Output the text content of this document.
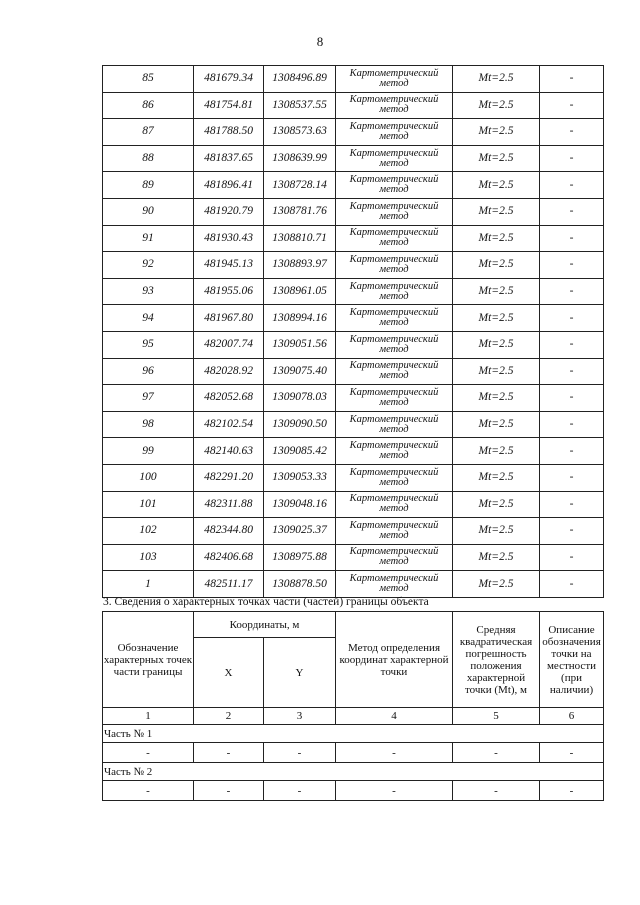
8
85	481679.34	1308496.89	Картометрический метод	Mt=2.5	-
86	481754.81	1308537.55	Картометрический метод	Mt=2.5	-
87	481788.50	1308573.63	Картометрический метод	Mt=2.5	-
88	481837.65	1308639.99	Картометрический метод	Mt=2.5	-
89	481896.41	1308728.14	Картометрический метод	Mt=2.5	-
90	481920.79	1308781.76	Картометрический метод	Mt=2.5	-
91	481930.43	1308810.71	Картометрический метод	Mt=2.5	-
92	481945.13	1308893.97	Картометрический метод	Mt=2.5	-
93	481955.06	1308961.05	Картометрический метод	Mt=2.5	-
94	481967.80	1308994.16	Картометрический метод	Mt=2.5	-
95	482007.74	1309051.56	Картометрический метод	Mt=2.5	-
96	482028.92	1309075.40	Картометрический метод	Mt=2.5	-
97	482052.68	1309078.03	Картометрический метод	Mt=2.5	-
98	482102.54	1309090.50	Картометрический метод	Mt=2.5	-
99	482140.63	1309085.42	Картометрический метод	Mt=2.5	-
100	482291.20	1309053.33	Картометрический метод	Mt=2.5	-
101	482311.88	1309048.16	Картометрический метод	Mt=2.5	-
102	482344.80	1309025.37	Картометрический метод	Mt=2.5	-
103	482406.68	1308975.88	Картометрический метод	Mt=2.5	-
1	482511.17	1308878.50	Картометрический метод	Mt=2.5	-
3. Сведения о характерных точках части (частей) границы объекта
Обозначение характерных точек части границы	Координаты, м		Метод определения координат характерной точки	Средняя квадратическая погрешность положения характерной точки (Mt), м	Описание обозначения точки на местности (при наличии)
	X	Y			
1	2	3	4	5	6
Часть № 1					
-	-	-	-	-	-
Часть № 2					
-	-	-	-	-	-
